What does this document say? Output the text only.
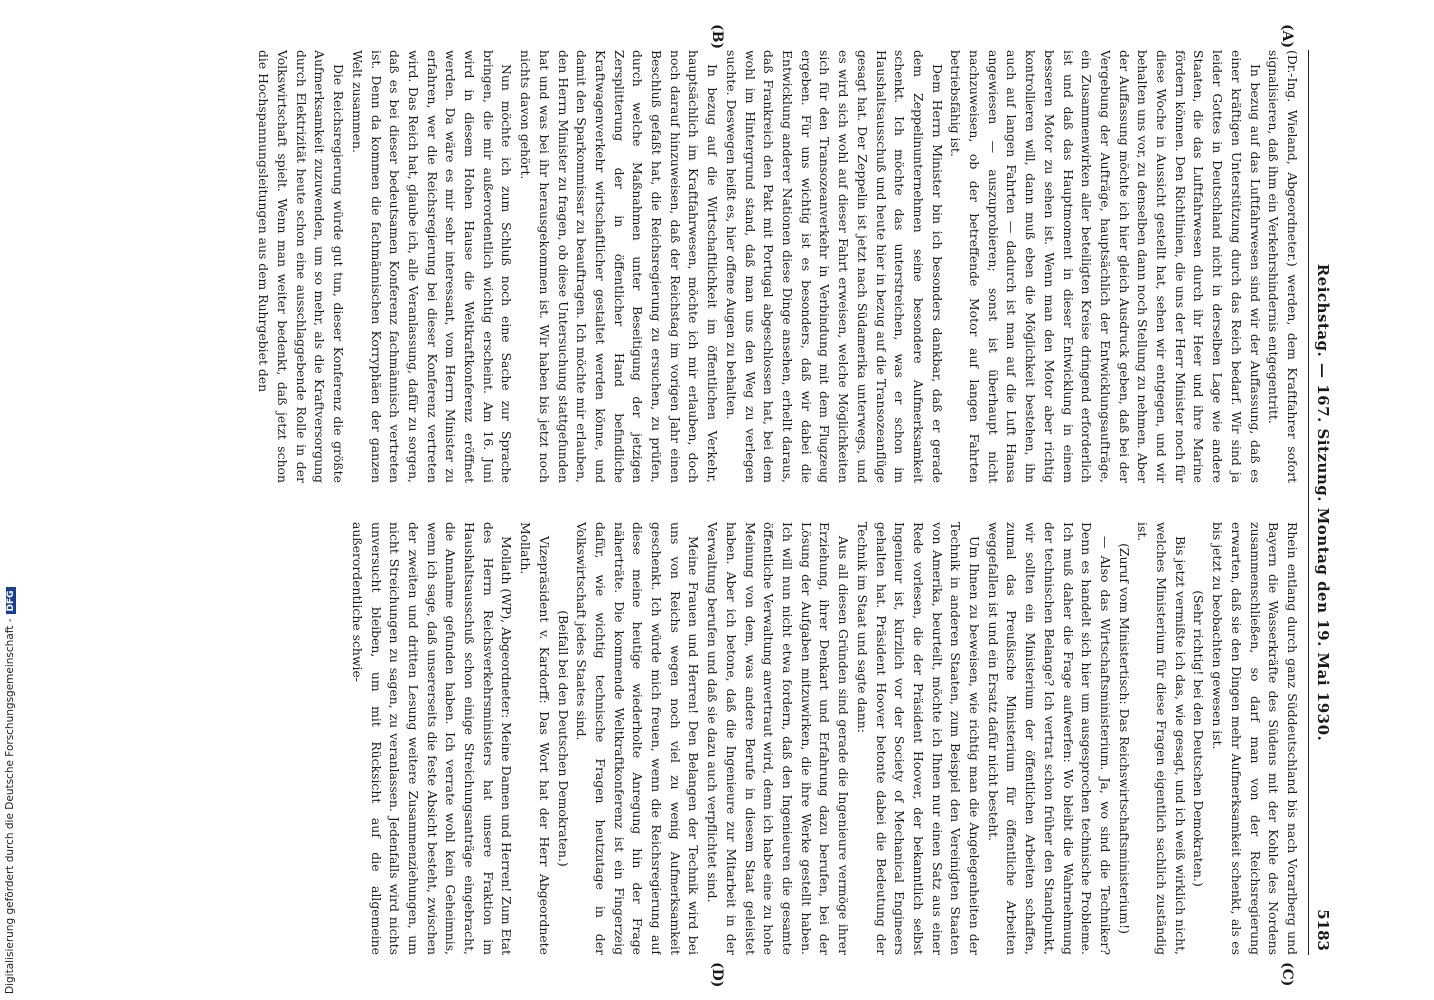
Reichstag. — 167. Sitzung. Montag den 19. Mai 1930.
5183
(A)
(B)
(C)
(D)

(Dr.-Ing. Wieland, Abgeordneter.) werden, dem Kraftfahrer sofort signalisieren, daß ihm ein Verkehrshindernis entgegentritt.

In bezug auf das Luftfahrwesen sind wir der Auffassung, daß es einer kräftigen Unterstützung durch das Reich bedarf. Wir sind ja leider Gottes in Deutschland nicht in derselben Lage wie andere Staaten, die das Luftfahrwesen durch ihr Heer und ihre Marine fördern können. Den Richtlinien, die uns der Herr Minister noch für diese Woche in Aussicht gestellt hat, sehen wir entgegen, und wir behalten uns vor, zu denselben dann noch Stellung zu nehmen. Aber der Auffassung möchte ich hier gleich Ausdruck geben, daß bei der Vergebung der Aufträge, hauptsächlich der Entwicklungsaufträge, ein Zusammenwirken aller beteiligten Kreise dringend erforderlich ist und daß das Hauptmoment in dieser Entwicklung in einem besseren Motor zu sehen ist. Wenn man den Motor aber richtig kontrollieren will, dann muß eben die Möglichkeit bestehen, ihn auch auf langen Fahrten — dadurch ist man auf die Luft Hansa angewiesen — auszuprobieren; sonst ist überhaupt nicht nachzuweisen, ob der betreffende Motor auf langen Fahrten betriebsfähig ist.

Dem Herrn Minister bin ich besonders dankbar, daß er gerade dem Zeppelinunternehmen seine besondere Aufmerksamkeit schenkt. Ich möchte das unterstreichen, was er schon im Haushaltsausschuß und heute hier in bezug auf die Transozeanflüge gesagt hat. Der Zeppelin ist jetzt nach Südamerika unterwegs, und es wird sich wohl auf dieser Fahrt erweisen, welche Möglichkeiten sich für den Transozeanverkehr in Verbindung mit dem Flugzeug ergeben. Für uns wichtig ist es besonders, daß wir dabei die Entwicklung anderer Nationen diese Dinge ansehen, erhellt daraus, daß Frankreich den Pakt mit Portugal abgeschlossen hat, bei dem wohl im Hintergrund stand, daß man uns den Weg zu verlegen suchte. Deswegen heißt es, hier offene Augen zu behalten.

In bezug auf die Wirtschaftlichkeit im öffentlichen Verkehr, hauptsächlich im Kraftfahrwesen, möchte ich mir erlauben, doch noch darauf hinzuweisen, daß der Reichstag im vorigen Jahr einen Beschluß gefaßt hat, die Reichsregierung zu ersuchen, zu prüfen, durch welche Maßnahmen unter Beseitigung der jetzigen Zersplitterung der in öffentlicher Hand befindliche Kraftwagenverkehr wirtschaftlicher gestaltet werden könne, und damit den Sparkommissar zu beauftragen. Ich möchte mir erlauben, den Herrn Minister zu fragen, ob diese Untersuchung stattgefunden hat und was bei ihr herausgekommen ist. Wir haben bis jetzt noch nichts davon gehört.

Nun möchte ich zum Schluß noch eine Sache zur Sprache bringen, die mir außerordentlich wichtig erscheint. Am 16. Juni wird in diesem Hohen Hause die Weltkraftkonferenz eröffnet werden. Da wäre es mir sehr interessant, vom Herrn Minister zu erfahren, wer die Reichsregierung bei dieser Konferenz vertreten wird. Das Reich hat, glaube ich, alle Veranlassung, dafür zu sorgen, daß es bei dieser bedeutsamen Konferenz fachmännisch vertreten ist. Denn da kommen die fachmännischen Korryphäen der ganzen Welt zusammen.

Die Reichsregierung würde gut tun, dieser Konferenz die größte Aufmerksamkeit zuzuwenden, um so mehr, als die Kraftversorgung durch Elektrizität heute schon eine ausschlaggebende Rolle in der Volkswirtschaft spielt. Wenn man weiter bedenkt, daß jetzt schon die Hochspannungsleitungen aus dem Ruhrgebiet den

Rhein entlang durch ganz Süddeutschland bis nach Vorarlberg und Bayern die Wasserkräfte des Südens mit der Kohle des Nordens zusammenschließen, so darf man von der Reichsregierung erwarten, daß sie den Dingen mehr Aufmerksamkeit schenkt, als es bis jetzt zu beobachten gewesen ist.

(Sehr richtig! bei den Deutschen Demokraten.)

Bis jetzt vermißte ich das, wie gesagt, und ich weiß wirklich nicht, welches Ministerium für diese Fragen eigentlich sachlich zuständig ist.

(Zuruf vom Ministertisch: Das Reichswirtschaftsministerium!)

— Also das Wirtschaftsministerium. Ja, wo sind die Techniker? Denn es handelt sich hier um ausgesprochen technische Probleme. Ich muß daher die Frage aufwerfen: Wo bleibt die Wahrnehmung der technischen Belange? Ich vertrat schon früher den Standpunkt, wir sollten ein Ministerium der öffentlichen Arbeiten schaffen, zumal das Preußische Ministerium für öffentliche Arbeiten weggefallen ist und ein Ersatz dafür nicht besteht.

Um Ihnen zu beweisen, wie richtig man die Angelegenheiten der Technik in anderen Staaten, zum Beispiel den Vereinigten Staaten von Amerika, beurteilt, möchte ich Ihnen nur einen Satz aus einer Rede vorlesen, die der Präsident Hoover, der bekanntlich selbst Ingenieur ist, kürzlich vor der Society of Mechanical Engineers gehalten hat. Präsident Hoover betonte dabei die Bedeutung der Technik im Staat und sagte dann:

Aus all diesen Gründen sind gerade die Ingenieure vermöge ihrer Erziehung, ihrer Denkart und Erfahrung dazu berufen, bei der Lösung der Aufgaben mitzuwirken, die ihre Werke gestellt haben. Ich will nun nicht etwa fordern, daß den Ingenieuren die gesamte öffentliche Verwaltung anvertraut wird, denn ich habe eine zu hohe Meinung von dem, was andere Berufe in diesem Staat geleistet haben. Aber ich betone, daß die Ingenieure zur Mitarbeit in der Verwaltung berufen und daß sie dazu auch verpflichtet sind.

Meine Frauen und Herren! Den Belangen der Technik wird bei uns von Reichs wegen noch viel zu wenig Aufmerksamkeit geschenkt. Ich würde mich freuen, wenn die Reichsregierung auf diese meine heutige wiederholte Anregung hin der Frage näherträte. Die kommende Weltkraftkonferenz ist ein Fingerzeig dafür, wie wichtig technische Fragen heutzutage in der Volkswirtschaft jedes Staates sind.

(Beifall bei den Deutschen Demokraten.)

Vizepräsident v. Kardorff: Das Wort hat der Herr Abgeordnete Mollath.

Mollath (WP), Abgeordneter: Meine Damen und Herren! Zum Etat des Herrn Reichsverkehrsministers hat unsere Fraktion im Haushaltsausschuß schon einige Streichungsanträge eingebracht, die Annahme gefunden haben. Ich verrate wohl kein Geheimnis, wenn ich sage, daß unsererseits die feste Absicht besteht, zwischen der zweiten und dritten Lesung weitere Zusammenziehungen, um nicht Streichungen zu sagen, zu veranlassen. Jedenfalls wird nichts unversucht bleiben, um mit Rücksicht auf die allgemeine außerordentliche schwie-

Digitalisierung gefördert durch die Deutsche Forschungsgemeinschaft -DFG
